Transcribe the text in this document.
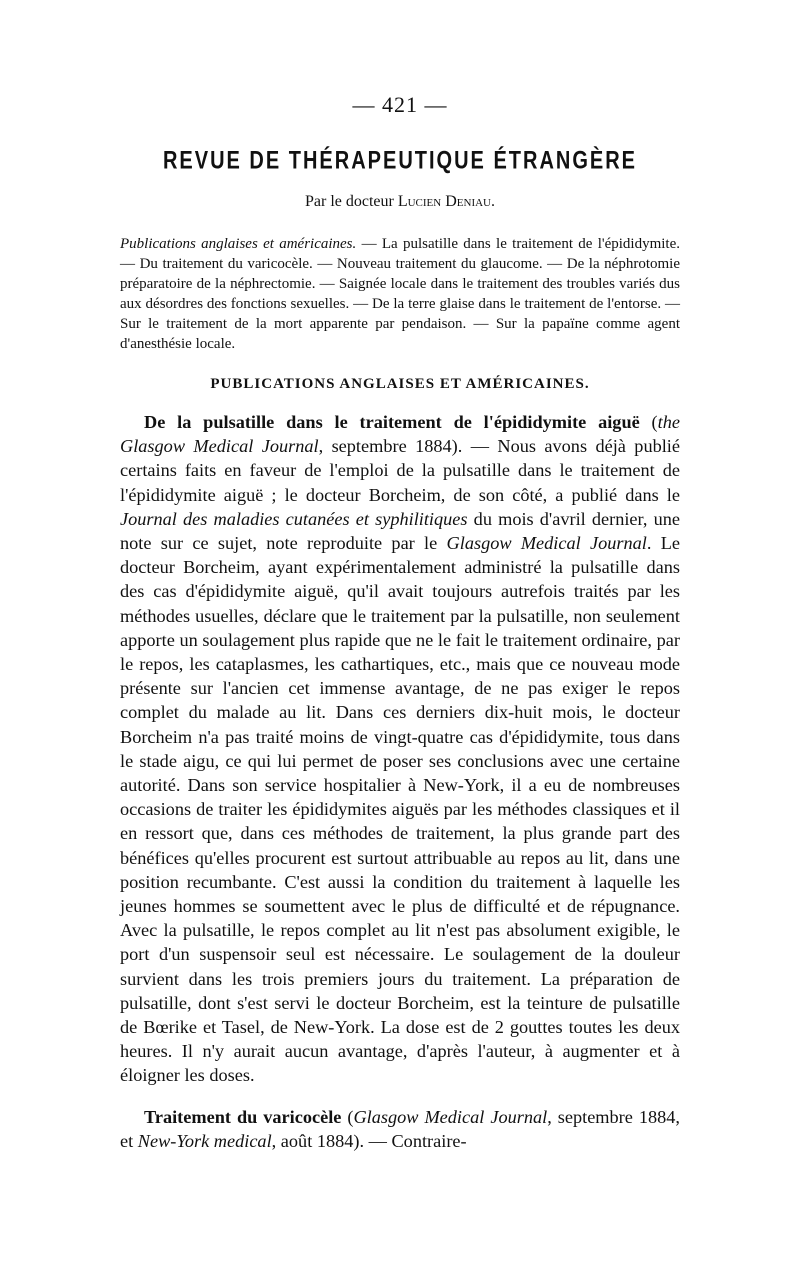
— 421 —
REVUE DE THÉRAPEUTIQUE ÉTRANGÈRE
Par le docteur Lucien Deniau.

Publications anglaises et américaines. — La pulsatille dans le traitement de l'épididymite. — Du traitement du varicocèle. — Nouveau traitement du glaucome. — De la néphrotomie préparatoire de la néphrectomie. — Saignée locale dans le traitement des troubles variés dus aux désordres des fonctions sexuelles. — De la terre glaise dans le traitement de l'entorse. — Sur le traitement de la mort apparente par pendaison. — Sur la papaïne comme agent d'anesthésie locale.

PUBLICATIONS ANGLAISES ET AMÉRICAINES.

De la pulsatille dans le traitement de l'épididymite aiguë (the Glasgow Medical Journal, septembre 1884). — Nous avons déjà publié certains faits en faveur de l'emploi de la pulsatille dans le traitement de l'épididymite aiguë ; le docteur Borcheim, de son côté, a publié dans le Journal des maladies cutanées et syphilitiques du mois d'avril dernier, une note sur ce sujet, note reproduite par le Glasgow Medical Journal. Le docteur Borcheim, ayant expérimentalement administré la pulsatille dans des cas d'épididymite aiguë, qu'il avait toujours autrefois traités par les méthodes usuelles, déclare que le traitement par la pulsatille, non seulement apporte un soulagement plus rapide que ne le fait le traitement ordinaire, par le repos, les cataplasmes, les cathartiques, etc., mais que ce nouveau mode présente sur l'ancien cet immense avantage, de ne pas exiger le repos complet du malade au lit. Dans ces derniers dix-huit mois, le docteur Borcheim n'a pas traité moins de vingt-quatre cas d'épididymite, tous dans le stade aigu, ce qui lui permet de poser ses conclusions avec une certaine autorité. Dans son service hospitalier à New-York, il a eu de nombreuses occasions de traiter les épididymites aiguës par les méthodes classiques et il en ressort que, dans ces méthodes de traitement, la plus grande part des bénéfices qu'elles procurent est surtout attribuable au repos au lit, dans une position recumbante. C'est aussi la condition du traitement à laquelle les jeunes hommes se soumettent avec le plus de difficulté et de répugnance. Avec la pulsatille, le repos complet au lit n'est pas absolument exigible, le port d'un suspensoir seul est nécessaire. Le soulagement de la douleur survient dans les trois premiers jours du traitement. La préparation de pulsatille, dont s'est servi le docteur Borcheim, est la teinture de pulsatille de Bœrike et Tasel, de New-York. La dose est de 2 gouttes toutes les deux heures. Il n'y aurait aucun avantage, d'après l'auteur, à augmenter et à éloigner les doses.

Traitement du varicocèle (Glasgow Medical Journal, septembre 1884, et New-York medical, août 1884). — Contraire-
